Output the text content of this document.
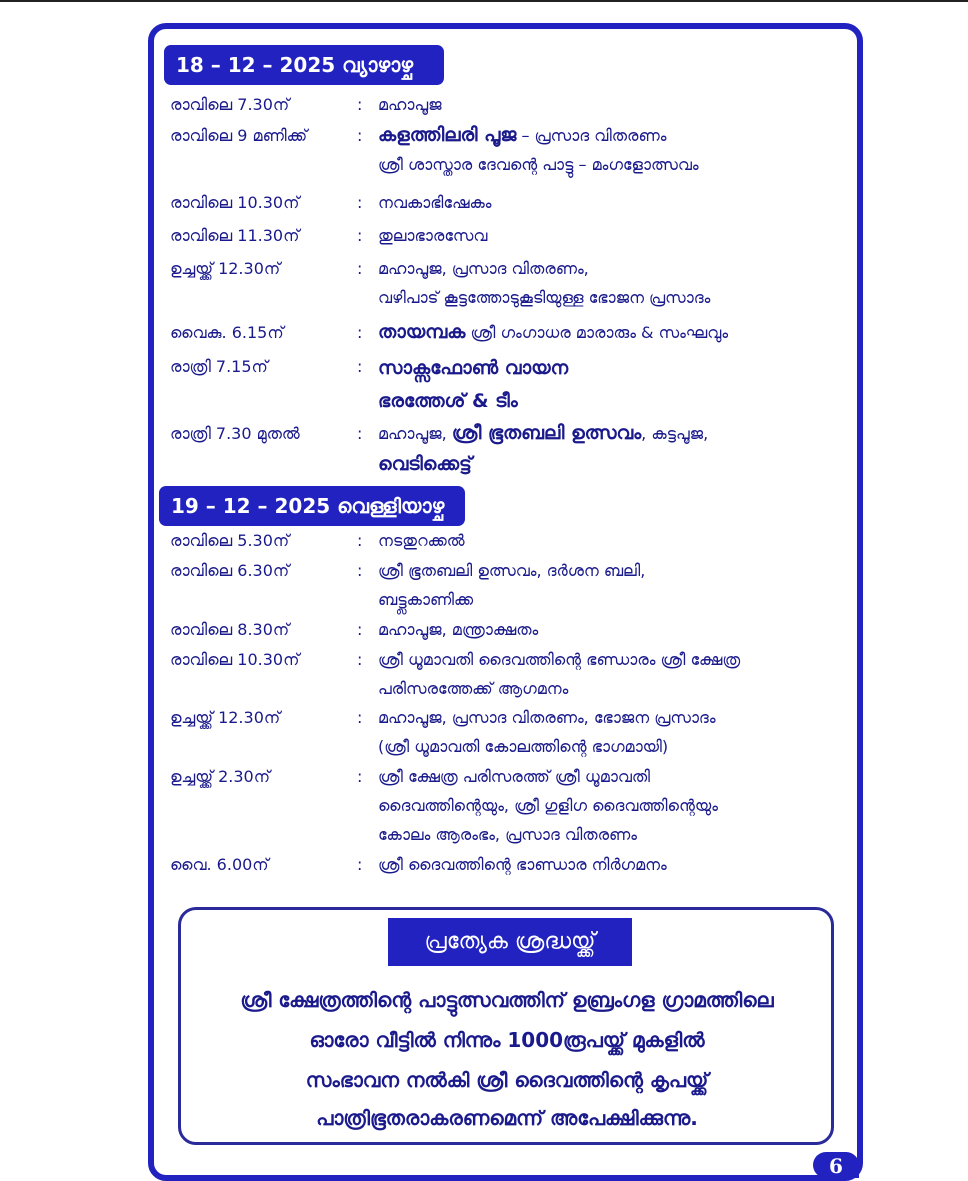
18 – 12 – 2025 വ്യാഴാഴ്ച
രാവിലെ 7.30ന്	: മഹാപൂജ
രാവിലെ 9 മണിക്ക്	: കളത്തിലരി പൂജ – പ്രസാദ വിതരണം
ശ്രീ ശാസ്താര ദേവന്റെ പാട്ടു – മംഗളോത്സവം
രാവിലെ 10.30ന്	: നവകാഭിഷേകം
രാവിലെ 11.30ന്	: തുലാഭാരസേവ
ഉച്ചയ്ക്ക് 12.30ന്	: മഹാപൂജ, പ്രസാദ വിതരണം,
വഴിപാട് കൂട്ടത്തോടുകൂടിയുള്ള ഭോജന പ്രസാദം
വൈകു. 6.15ന്	: തായമ്പക ശ്രീ ഗംഗാധര മാരാരും & സംഘവും
രാത്രി 7.15ന്	: സാക്സഫോൺ വായന
ഭരത്തേശ് & ടീം
രാത്രി 7.30 മുതൽ	: മഹാപൂജ, ശ്രീ ഭൂതബലി ഉത്സവം, കട്ടപൂജ,
വെടിക്കെട്ട്
19 – 12 – 2025 വെള്ളിയാഴ്ച
രാവിലെ 5.30ന്	: നടതുറക്കൽ
രാവിലെ 6.30ന്	: ശ്രീ ഭൂതബലി ഉത്സവം, ദർശന ബലി,
ബട്ട്ലകാണിക്ക
രാവിലെ 8.30ന്	: മഹാപൂജ, മന്ത്രാക്ഷതം
രാവിലെ 10.30ന്	: ശ്രീ ധൂമാവതി ദൈവത്തിന്റെ ഭണ്ഡാരം ശ്രീ ക്ഷേത്ര
പരിസരത്തേക്ക് ആഗമനം
ഉച്ചയ്ക്ക് 12.30ന്	: മഹാപൂജ, പ്രസാദ വിതരണം, ഭോജന പ്രസാദം
(ശ്രീ ധൂമാവതി കോലത്തിന്റെ ഭാഗമായി)
ഉച്ചയ്ക്ക് 2.30ന്	: ശ്രീ ക്ഷേത്ര പരിസരത്ത് ശ്രീ ധൂമാവതി
ദൈവത്തിന്റെയും, ശ്രീ ഗുളിഗ ദൈവത്തിന്റെയും
കോലം ആരംഭം, പ്രസാദ വിതരണം
വൈ. 6.00ന്	: ശ്രീ ദൈവത്തിന്റെ ഭാണ്ഡാര നിർഗമനം
പ്രത്യേക ശ്രദ്ധയ്ക്ക്
ശ്രീ ക്ഷേത്രത്തിന്റെ പാട്ടുത്സവത്തിന് ഉബ്രംഗള ഗ്രാമത്തിലെ
ഓരോ വീട്ടിൽ നിന്നും 1000രൂപയ്ക്ക് മുകളിൽ
സംഭാവന നൽകി ശ്രീ ദൈവത്തിന്റെ കൃപയ്ക്ക്
പാത്രിഭൂതരാകരണമെന്ന് അപേക്ഷിക്കുന്നു.
6
